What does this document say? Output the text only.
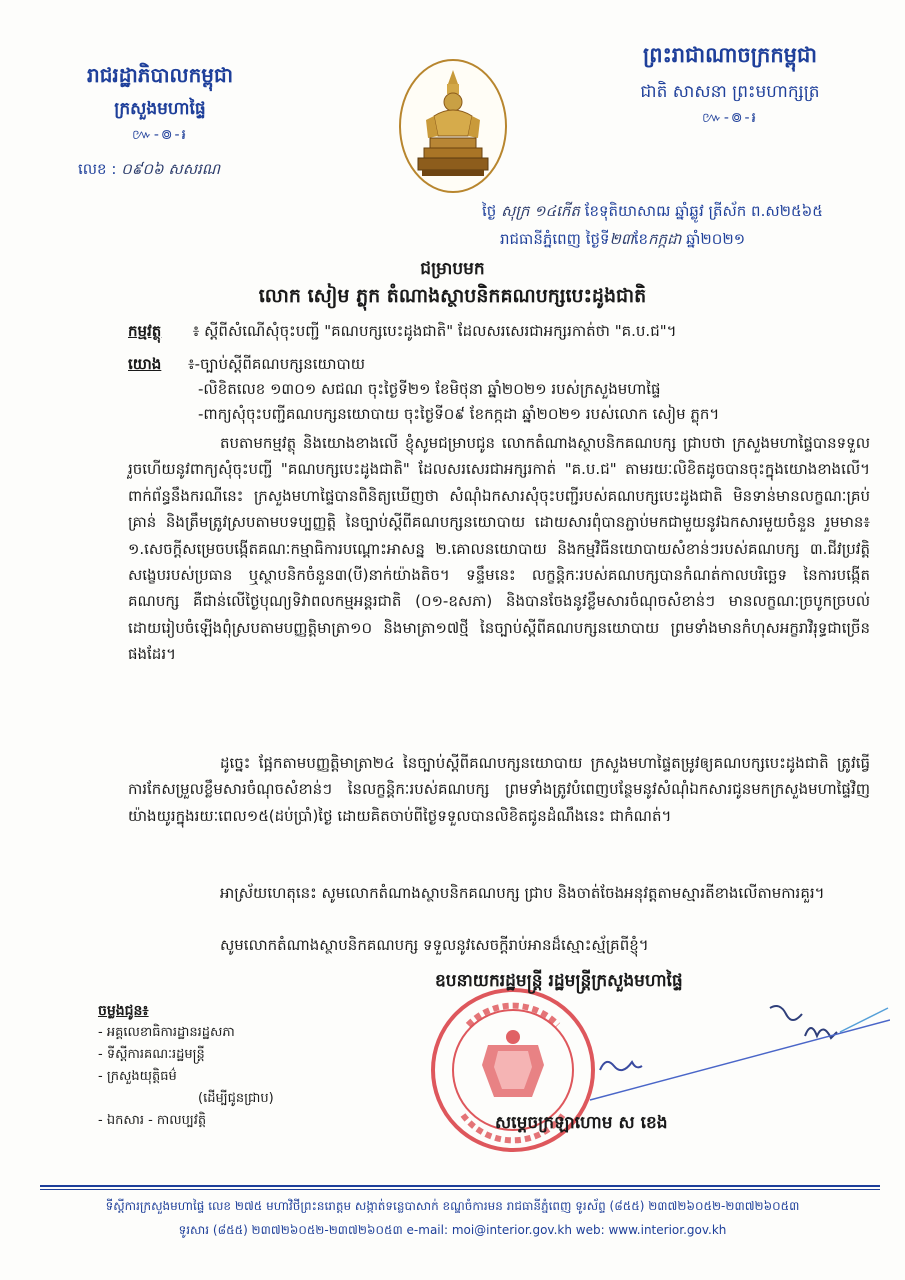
រាជរដ្ឋាភិបាលកម្ពុជា
ក្រសួងមហាផ្ទៃ
៚-៙-៛
លេខ : ០៩០៦ សសរណ
ព្រះរាជាណាចក្រកម្ពុជា
ជាតិ សាសនា ព្រះមហាក្សត្រ
៚-៙-៛
ថ្ងៃ សុក្រ ១៤កើត ខែទុតិយាសាឍ ឆ្នាំឆ្លូវ ត្រីស័ក ព.ស២៥៦៥
រាជធានីភ្នំពេញ ថ្ងៃទី២៣ខែកក្កដា ឆ្នាំ២០២១
ជម្រាបមក
លោក សៀម ភ្លុក តំណាងស្ថាបនិកគណបក្សបេះដូងជាតិ
កម្មវត្ថុ ៖ ស្តីពីសំណើសុំចុះបញ្ជី "គណបក្សបេះដូងជាតិ" ដែលសរសេរជាអក្សរកាត់ថា "គ.ប.ជ"។
យោង ៖-ច្បាប់ស្តីពីគណបក្សនយោបាយ
-លិខិតលេខ ១៣០១ សជណ ចុះថ្ងៃទី២១ ខែមិថុនា ឆ្នាំ២០២១ របស់ក្រសួងមហាផ្ទៃ
-ពាក្យសុំចុះបញ្ជីគណបក្សនយោបាយ ចុះថ្ងៃទី០៩ ខែកក្កដា ឆ្នាំ២០២១ របស់លោក សៀម ភ្លុក។

តបតាមកម្មវត្ថុ និងយោងខាងលើ ខ្ញុំសូមជម្រាបជូន លោកតំណាងស្ថាបនិកគណបក្ស ជ្រាបថា ក្រសួងមហាផ្ទៃបានទទួលរួចហើយនូវពាក្យសុំចុះបញ្ជី "គណបក្សបេះដូងជាតិ" ដែលសរសេរជាអក្សរកាត់ "គ.ប.ជ" តាមរយៈលិខិតដូចបានចុះក្នុងយោងខាងលើ។ ពាក់ព័ន្ធនឹងករណីនេះ ក្រសួងមហាផ្ទៃបានពិនិត្យឃើញថា សំណុំឯកសារសុំចុះបញ្ជីរបស់គណបក្សបេះដូងជាតិ មិនទាន់មានលក្ខណៈគ្រប់គ្រាន់ និងត្រឹមត្រូវស្របតាមបទប្បញ្ញត្តិ នៃច្បាប់ស្តីពីគណបក្សនយោបាយ ដោយសារពុំបានភ្ជាប់មកជាមួយនូវឯកសារមួយចំនួន រួមមាន៖ ១.សេចក្តីសម្រេចបង្កើតគណៈកម្មាធិការបណ្តោះអាសន្ន ២.គោលនយោបាយ និងកម្មវិធីនយោបាយសំខាន់ៗរបស់គណបក្ស ៣.ជីវប្រវត្តិសង្ខេបរបស់ប្រធាន ឬស្ថាបនិកចំនួន៣(បី)នាក់យ៉ាងតិច។ ទន្ទឹមនេះ លក្ខន្តិកៈរបស់គណបក្សបានកំណត់កាលបរិច្ឆេទ នៃការបង្កើតគណបក្ស គឺជាន់លើថ្ងៃបុណ្យទិវាពលកម្មអន្តរជាតិ (០១-ឧសភា) និងបានចែងនូវខ្លឹមសារចំណុចសំខាន់ៗ មានលក្ខណៈច្របូកច្របល់ ដោយរៀបចំឡើងពុំស្របតាមបញ្ញត្តិមាត្រា១០ និងមាត្រា១៧ថ្មី នៃច្បាប់ស្តីពីគណបក្សនយោបាយ ព្រមទាំងមានកំហុសអក្ខរាវិរុទ្ធជាច្រើនផងដែរ។

ដូច្នេះ ផ្អែកតាមបញ្ញត្តិមាត្រា២៤ នៃច្បាប់ស្តីពីគណបក្សនយោបាយ ក្រសួងមហាផ្ទៃតម្រូវឲ្យគណបក្សបេះដូងជាតិ ត្រូវធ្វើការកែសម្រួលខ្លឹមសារចំណុចសំខាន់ៗ នៃលក្ខន្តិកៈរបស់គណបក្ស ព្រមទាំងត្រូវបំពេញបន្ថែមនូវសំណុំឯកសារជូនមកក្រសួងមហាផ្ទៃវិញ យ៉ាងយូរក្នុងរយៈពេល១៥(ដប់ប្រាំ)ថ្ងៃ ដោយគិតចាប់ពីថ្ងៃទទួលបានលិខិតជូនដំណឹងនេះ ជាកំណត់។

អាស្រ័យហេតុនេះ សូមលោកតំណាងស្ថាបនិកគណបក្ស ជ្រាប និងចាត់ចែងអនុវត្តតាមស្មារតីខាងលើតាមការគួរ។

សូមលោកតំណាងស្ថាបនិកគណបក្ស ទទួលនូវសេចក្តីរាប់អានដ៏ស្មោះស្ម័គ្រពីខ្ញុំ។

ឧបនាយករដ្ឋមន្ត្រី រដ្ឋមន្ត្រីក្រសួងមហាផ្ទៃ
សម្តេចក្រឡាហោម ស ខេង
ចម្លងជូន៖
- អគ្គលេខាធិការដ្ឋានរដ្ឋសភា
- ទីស្តីការគណៈរដ្ឋមន្ត្រី
- ក្រសួងយុត្តិធម៌
(ដើម្បីជូនជ្រាប)
- ឯកសារ - កាលប្បវត្តិ
ទីស្តីការក្រសួងមហាផ្ទៃ លេខ ២៧៥ មហាវិថីព្រះនរោត្តម សង្កាត់ទន្លេបាសាក់ ខណ្ឌចំការមន រាជធានីភ្នំពេញ ទូរស័ព្ទ (៨៥៥) ២៣៧២៦០៥២-២៣៧២៦០៥៣
ទូរសារ (៨៥៥) ២៣៧២៦០៥២-២៣៧២៦០៥៣ e-mail: moi@interior.gov.kh web: www.interior.gov.kh
